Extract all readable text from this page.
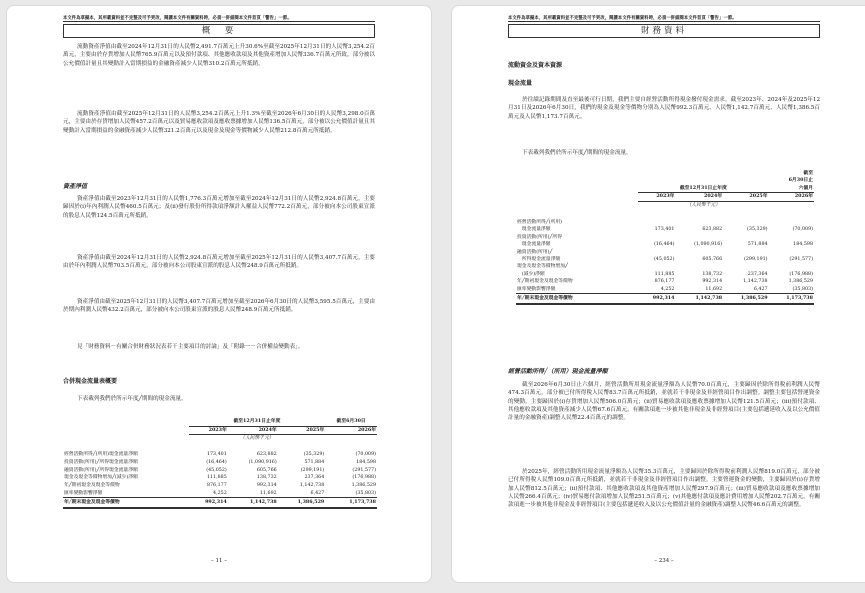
本文件為草擬本，其所載資料並不完整及可予更改，閱讀本文件有關資料時，必須一併細閱本文件首頁「警告」一節。
概　要
流動資產淨值由截至2024年12月31日的人民幣2,491.7百萬元上升30.6%至截至2025年12月31日的人民幣3,254.2百萬元，主要由於存貨增加人民幣765.9百萬元以及預付款項、其他應收款項及其他資產增加人民幣336.7百萬元所致，部分被以公允價值計量且其變動計入當期損益的金融資產減少人民幣310.2百萬元所抵銷。
流動資產淨值由截至2025年12月31日的人民幣3,254.2百萬元上升1.3%至截至2026年6月30日的人民幣3,298.0百萬元，主要由於存貨增加人民幣457.2百萬元以及貿易應收款項及應收票據增加人民幣136.5百萬元，部分被以公允價值計量且其變動計入當期損益的金融資產減少人民幣321.2百萬元以及現金及現金等價物減少人民幣212.8百萬元所抵銷。
資產淨值
資產淨值由截至2023年12月31日的人民幣1,776.3百萬元增加至截至2024年12月31日的人民幣2,924.8百萬元，主要歸因於(i)年內利潤人民幣460.5百萬元；及(ii)發行股份所得款項淨額計入權益人民幣772.2百萬元，部分被向本公司股東宣派的股息人民幣124.5百萬元所抵銷。
資產淨值由截至2024年12月31日的人民幣2,924.8百萬元增加至截至2025年12月31日的人民幣3,407.7百萬元，主要由於年內利潤人民幣703.5百萬元，部分被向本公司股東宣派的股息人民幣248.9百萬元所抵銷。
資產淨值由截至2025年12月31日的人民幣3,407.7百萬元增加至截至2026年6月30日的人民幣3,595.5百萬元，主要由於期內利潤人民幣432.2百萬元，部分被向本公司股東宣派的股息人民幣248.9百萬元所抵銷。
見「財務資料－有關合併財務狀況表若干主要項目的討論」及「附錄一－合併權益變動表」。
合併現金流量表概要
下表載列我們於所示年度╱期間的現金流量。
	截至12月31日止年度			截至6月30日
	2023年	2024年	2025年	2026年
	（人民幣千元）			

經營活動所得╱(所用)現金流量淨額	173,401	623,882	(35,329)	(70,009)
投資活動(所用)╱所得現金流量淨額	(16,464)	(1,090,916)	571,884	184,598
融資活動(所用)╱所得現金流量淨額	(45,052)	605,766	(299,191)	(291,577)
現金及現金等價物增加╱(減少)淨額	111,885	138,732	237,364	(176,988)
年╱期初現金及現金等價物	876,177	992,314	1,142,738	1,386,529
匯率變動影響淨額	4,252	11,692	6,427	(35,803)
年╱期末現金及現金等價物	992,314	1,142,738	1,386,529	1,173,738
– 11 –
本文件為草擬本，其所載資料並不完整及可予更改，閱讀本文件有關資料時，必須一併細閱本文件首頁「警告」一節。
財務資料
流動資金及資本資源
現金流量
於往績記錄期間及直至最後可行日期，我們主要自經營活動所得現金撥付現金需求。截至2023年、2024年及2025年12月31日及2026年6月30日，我們的現金及現金等價物分別為人民幣992.3百萬元、人民幣1,142.7百萬元、人民幣1,386.5百萬元及人民幣1,173.7百萬元。
下表載列我們於所示年度╱期間的現金流量。
				截至
				6月30日止
	截至12月31日止年度			六個月
	2023年	2024年	2025年	2026年
	（人民幣千元）			

經營活動所得╱(所用)				
　現金流量淨額	173,401	623,882	(35,329)	(70,009)
投資活動(所用)╱所得				
　現金流量淨額	(16,464)	(1,090,916)	571,884	184,598
融資活動(所用)╱				
　所得現金流量淨額	(45,052)	605,766	(299,191)	(291,577)
現金及現金等價物增加╱				
　(減少)淨額	111,885	138,732	237,364	(176,988)
年╱期初現金及現金等價物	876,177	992,314	1,142,738	1,386,529
匯率變動影響淨額	4,252	11,692	6,427	(35,803)
年╱期末現金及現金等價物	992,314	1,142,738	1,386,529	1,173,738
經營活動所得╱（所用）現金流量淨額
截至2026年6月30日止六個月，經營活動所用現金流量淨額為人民幣70.0百萬元，主要歸因於除所得稅前利潤人民幣474.3百萬元，部分被已付所得稅人民幣83.7百萬元所抵銷，並就若干非現金及非經營項目作出調整。調整主要包括營運資金的變動，主要歸因於(i)存貨增加人民幣506.0百萬元；(ii)貿易應收款項及應收票據增加人民幣121.5百萬元；(iii)預付款項、其他應收款項及其他資產減少人民幣67.6百萬元，有關款項進一步被其他非現金及非經營項目(主要包括遞延收入及以公允價值計量的金融資產)調整人民幣22.4百萬元的調整。
於2025年，經營活動所用現金流量淨額為人民幣35.3百萬元，主要歸因於除所得稅前利潤人民幣819.0百萬元，部分被已付所得稅人民幣109.0百萬元所抵銷，並就若干非現金及非經營項目作出調整。主要營運資金的變動，主要歸因於(i)存貨增加人民幣812.5百萬元；(ii)預付款項、其他應收款項及其他資產增加人民幣297.9百萬元；(iii)貿易應收款項及應收票據增加人民幣266.4百萬元；(iv)貿易應付款項增加人民幣251.5百萬元；(v)其他應付款項及應計費用增加人民幣202.7百萬元，有關款項進一步被其他非現金及非經營項目(主要包括遞延收入及以公允價值計量的金融資產)調整人民幣46.6百萬元的調整。
– 234 –
